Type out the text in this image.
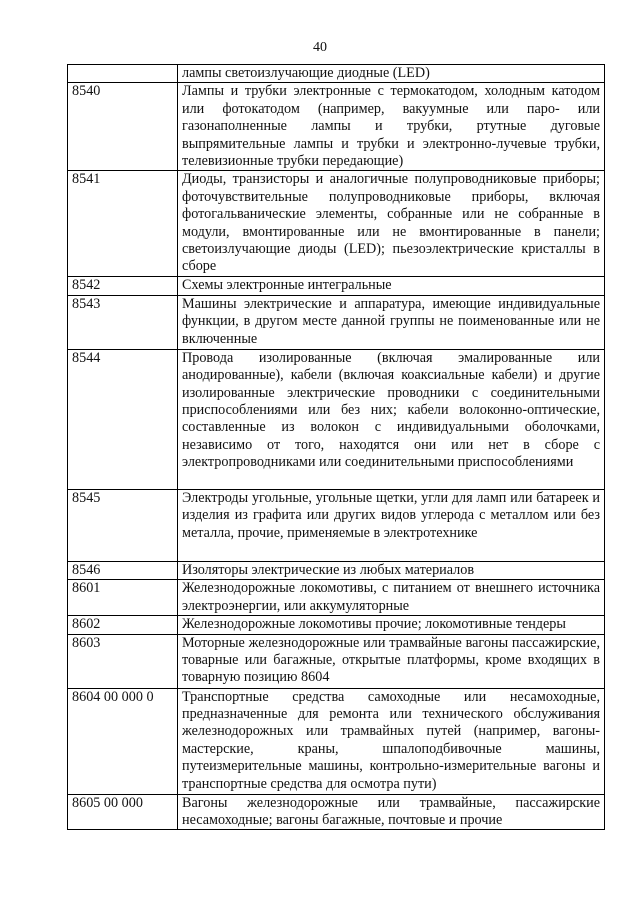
40
	лампы светоизлучающие диодные (LED)
8540	Лампы и трубки электронные с термокатодом, холодным катодом или фотокатодом (например, вакуумные или паро- или газонаполненные лампы и трубки, ртутные дуговые выпрямительные лампы и трубки и электронно-лучевые трубки, телевизионные трубки передающие)
8541	Диоды, транзисторы и аналогичные полупроводниковые приборы; фоточувствительные полупроводниковые приборы, включая фотогальванические элементы, собранные или не собранные в модули, вмонтированные или не вмонтированные в панели; светоизлучающие диоды (LED); пьезоэлектрические кристаллы в сборе
8542	Схемы электронные интегральные
8543	Машины электрические и аппаратура, имеющие индивидуальные функции, в другом месте данной группы не поименованные или не включенные
8544	Провода изолированные (включая эмалированные или анодированные), кабели (включая коаксиальные кабели) и другие изолированные электрические проводники с соединительными приспособлениями или без них; кабели волоконно-оптические, составленные из волокон с индивидуальными оболочками, независимо от того, находятся они или нет в сборе с электропроводниками или соединительными приспособлениями
8545	Электроды угольные, угольные щетки, угли для ламп или батареек и изделия из графита или других видов углерода с металлом или без металла, прочие, применяемые в электротехнике
8546	Изоляторы электрические из любых материалов
8601	Железнодорожные локомотивы, с питанием от внешнего источника электроэнергии, или аккумуляторные
8602	Железнодорожные локомотивы прочие; локомотивные тендеры
8603	Моторные железнодорожные или трамвайные вагоны пассажирские, товарные или багажные, открытые платформы, кроме входящих в товарную позицию 8604
8604 00 000 0	Транспортные средства самоходные или несамоходные, предназначенные для ремонта или технического обслуживания железнодорожных или трамвайных путей (например, вагоны-мастерские, краны, шпалоподбивочные машины, путеизмерительные машины, контрольно-измерительные вагоны и транспортные средства для осмотра пути)
8605 00 000	Вагоны железнодорожные или трамвайные, пассажирские несамоходные; вагоны багажные, почтовые и прочие
